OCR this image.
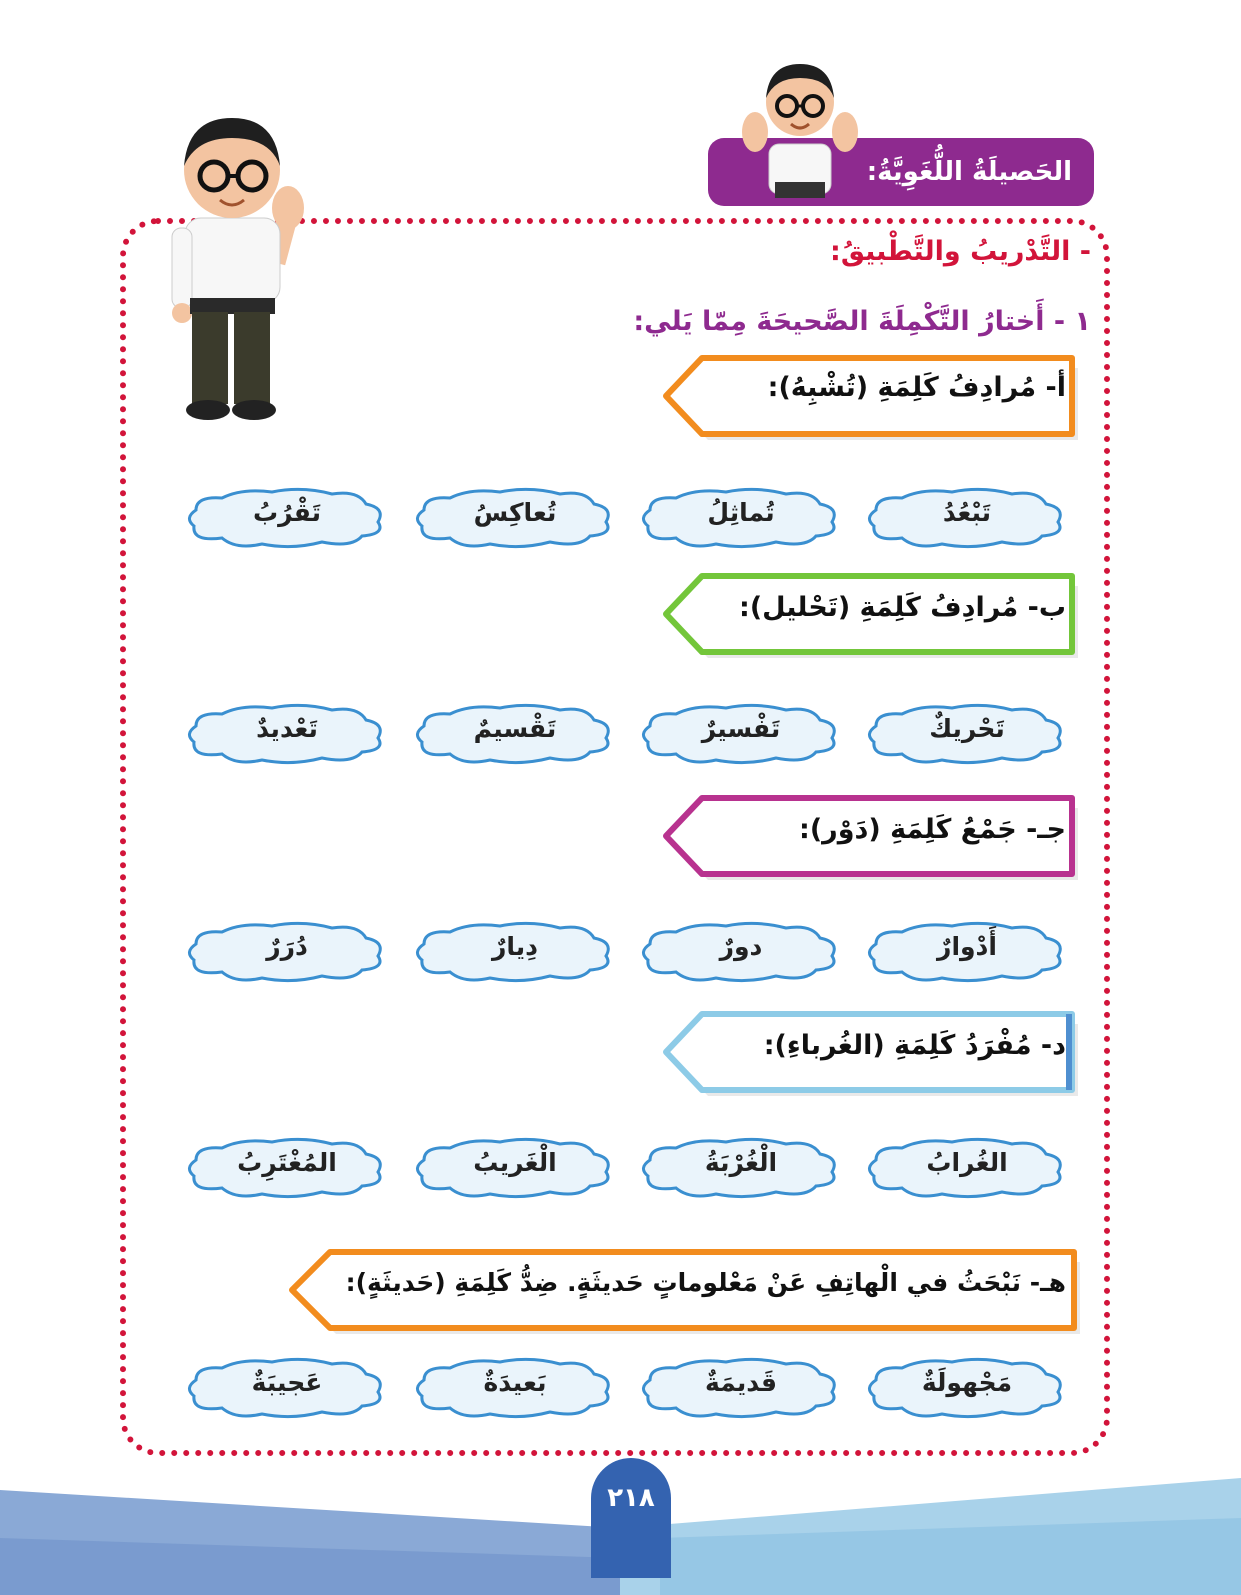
٢١٨
الحَصيلَةُ اللُّغَوِيَّةُ:
- التَّدْريبُ والتَّطْبيقُ:
١ - أَختارُ التَّكْمِلَةَ الصَّحيحَةَ مِمّا يَلي:
أ- مُرادِفُ كَلِمَةِ (تُشْبِهُ):
تَبْعُدُ
تُماثِلُ
تُعاكِسُ
تَقْرُبُ
ب- مُرادِفُ كَلِمَةِ (تَحْليل):
تَحْريكٌ
تَفْسيرٌ
تَقْسيمٌ
تَعْديدٌ
جـ- جَمْعُ كَلِمَةِ (دَوْر):
أَدْوارٌ
دورٌ
دِيارٌ
دُرَرٌ
د- مُفْرَدُ كَلِمَةِ (الغُرباءِ):
الغُرابُ
الْغُرْبَةُ
الْغَريبُ
المُغْتَرِبُ
هـ- نَبْحَثُ في الْهاتِفِ عَنْ مَعْلوماتٍ حَديثَةٍ. ضِدُّ كَلِمَةِ (حَديثَةٍ):
مَجْهولَةٌ
قَديمَةٌ
بَعيدَةٌ
عَجيبَةٌ
